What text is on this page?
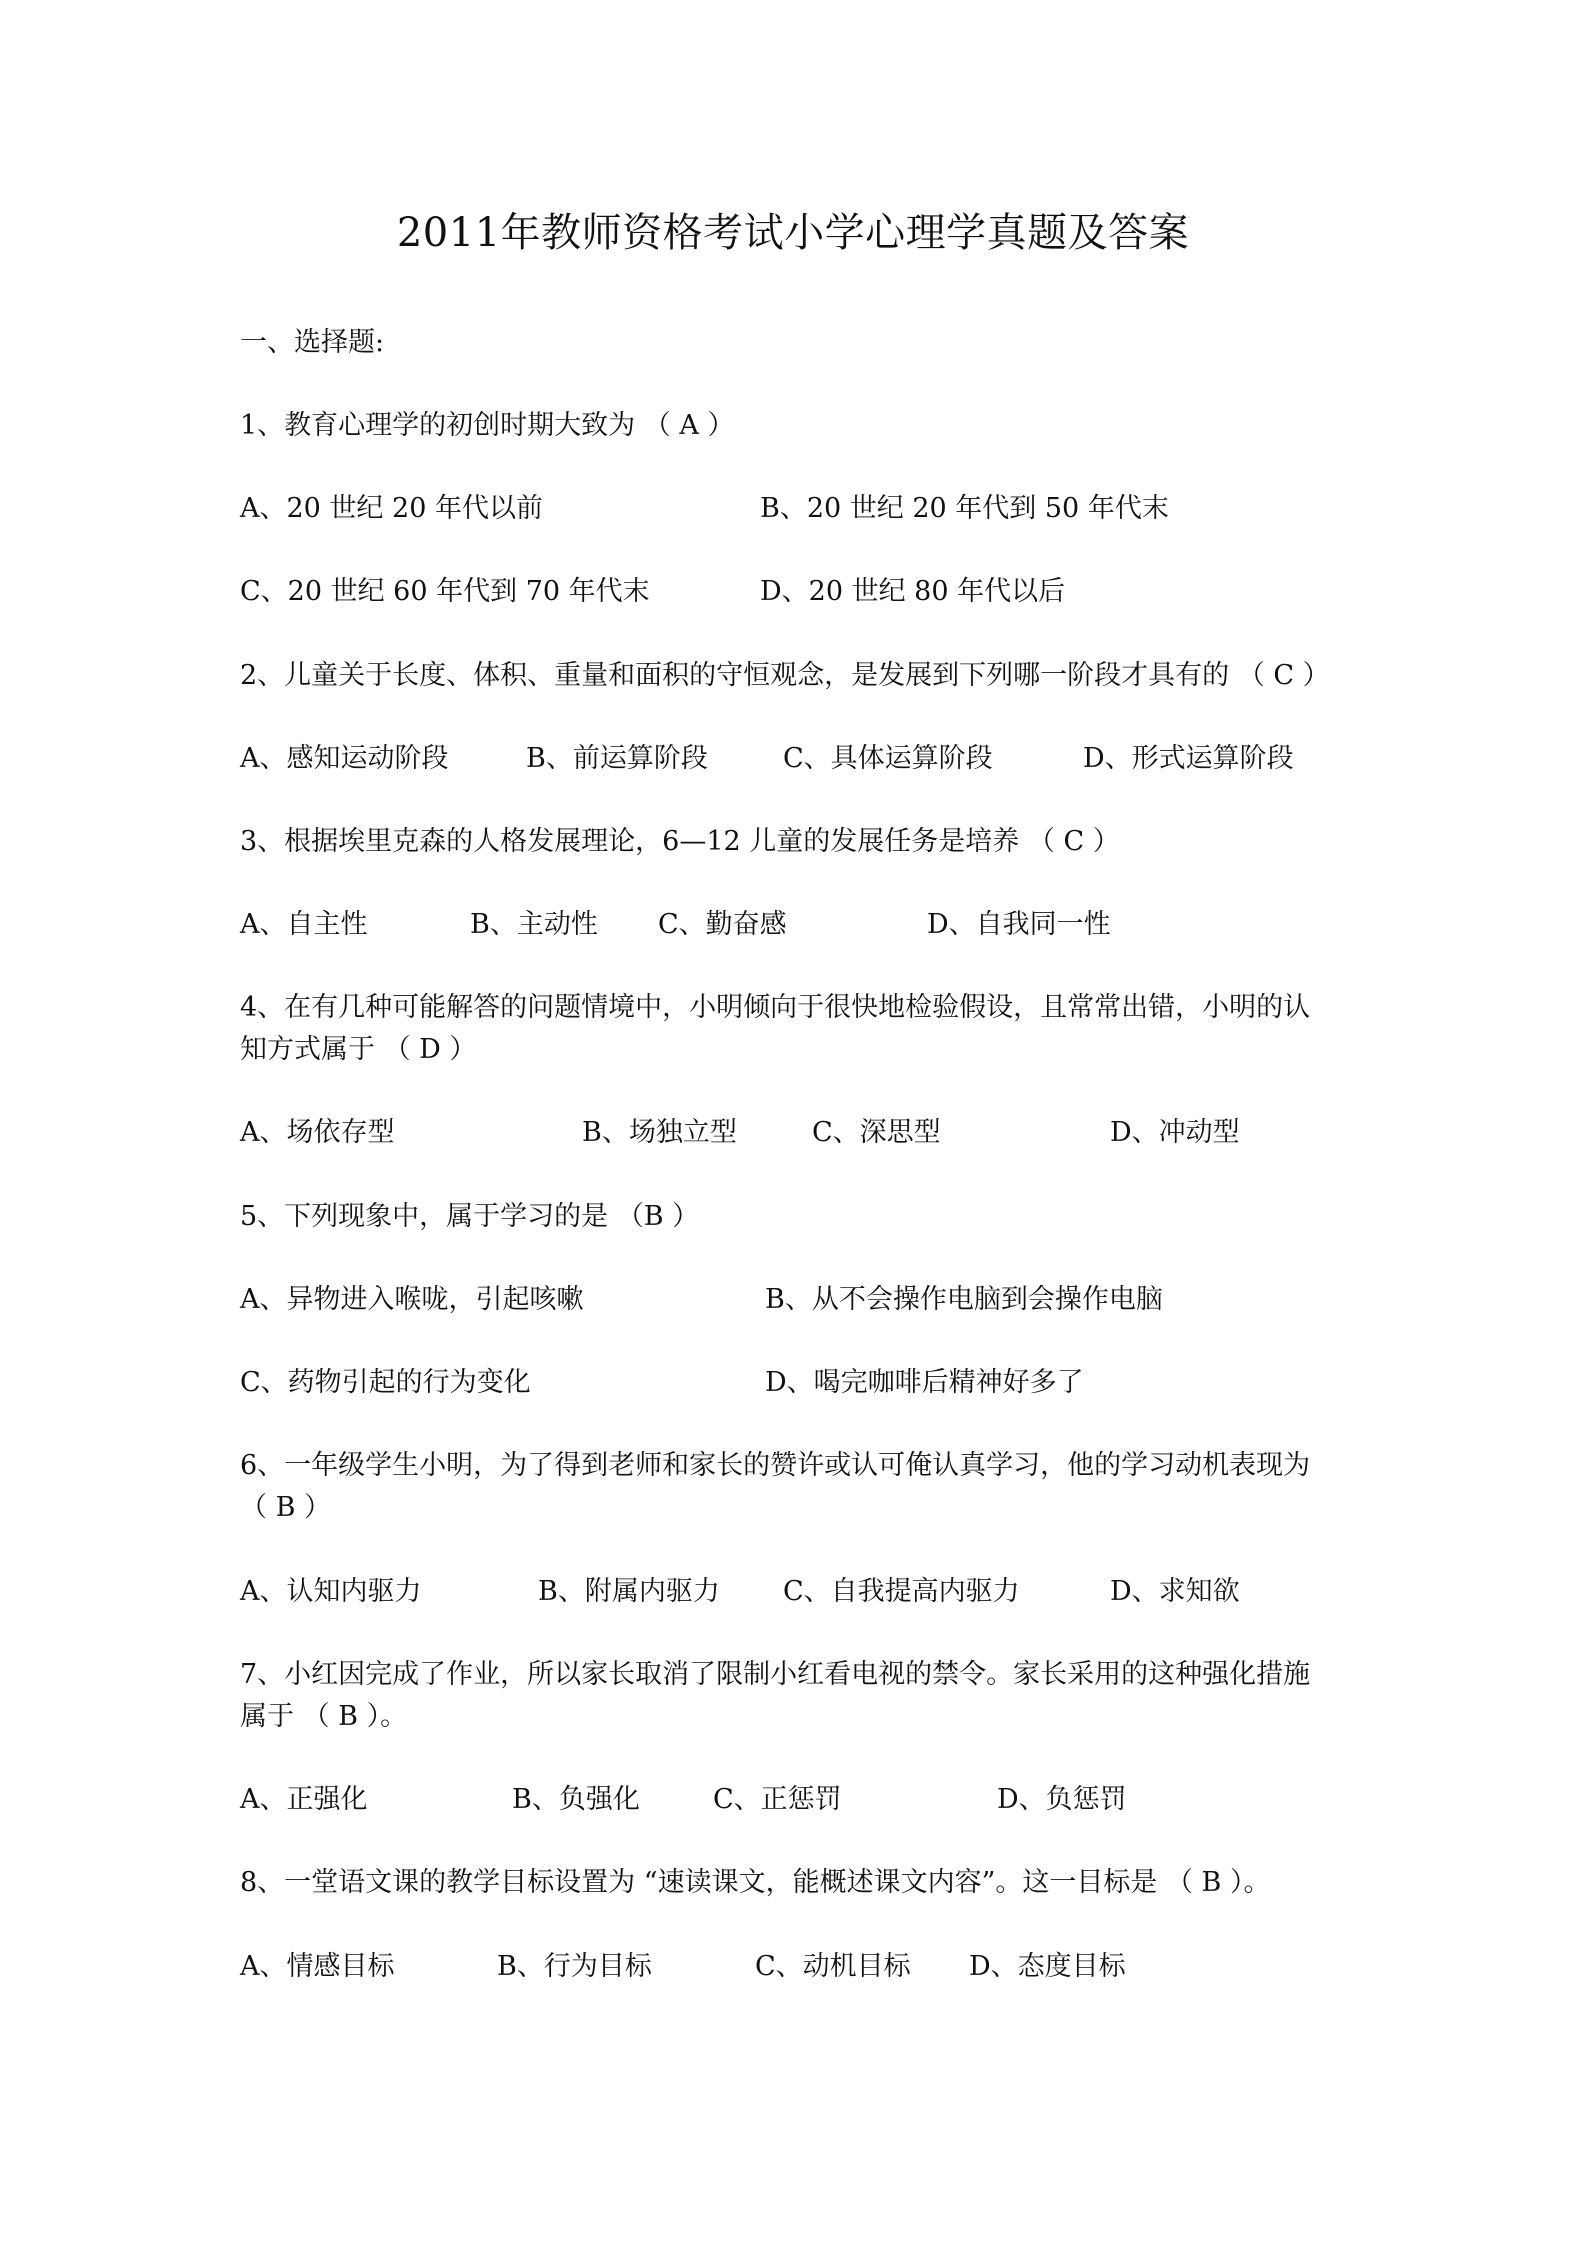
2011年教师资格考试小学心理学真题及答案
一、选择题:
1、教育心理学的初创时期大致为 （ A ）
A、20 世纪 20 年代以前	B、20 世纪 20 年代到 50 年代末
C、20 世纪 60 年代到 70 年代末	D、20 世纪 80 年代以后
2、儿童关于长度、体积、重量和面积的守恒观念，是发展到下列哪一阶段才具有的 （ C ）
A、感知运动阶段	B、前运算阶段	C、具体运算阶段	D、形式运算阶段
3、根据埃里克森的人格发展理论，6—12 儿童的发展任务是培养 （ C ）
A、自主性	B、主动性 C、勤奋感	D、自我同一性
4、在有几种可能解答的问题情境中，小明倾向于很快地检验假设，且常常出错，小明的认
知方式属于 （ D ）
A、场依存型	B、场独立型	C、深思型	D、冲动型
5、下列现象中，属于学习的是 （B ）
A、异物进入喉咙，引起咳嗽	B、从不会操作电脑到会操作电脑
C、药物引起的行为变化	D、喝完咖啡后精神好多了
6、一年级学生小明，为了得到老师和家长的赞许或认可俺认真学习，他的学习动机表现为
（ B ）
A、认知内驱力	B、附属内驱力 C、自我提高内驱力	D、求知欲
7、小红因完成了作业，所以家长取消了限制小红看电视的禁令。家长采用的这种强化措施
属于 （ B ）。
A、正强化	B、负强化	C、正惩罚	D、负惩罚
8、一堂语文课的教学目标设置为 “速读课文，能概述课文内容”。这一目标是 （ B ）。
A、情感目标	B、行为目标	C、动机目标 D、态度目标
